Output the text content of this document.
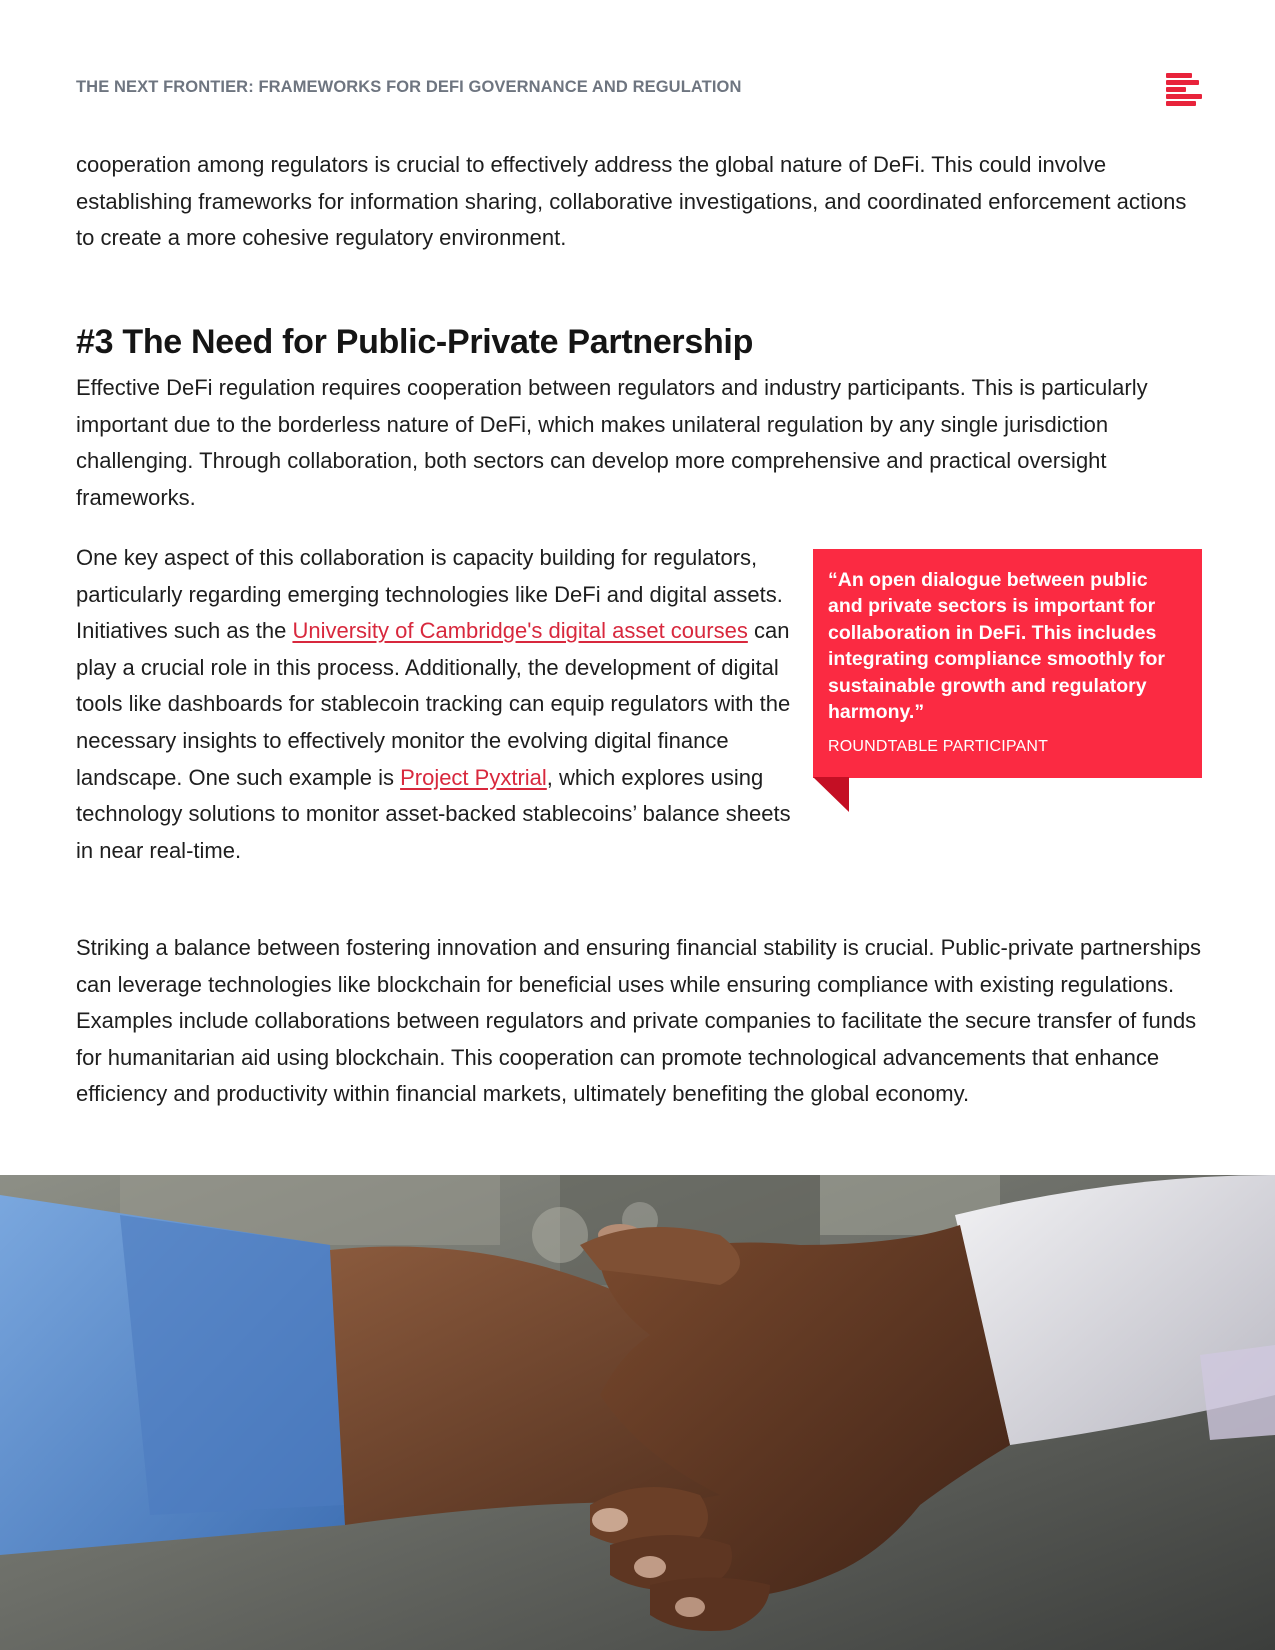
THE NEXT FRONTIER: FRAMEWORKS FOR DEFI GOVERNANCE AND REGULATION

cooperation among regulators is crucial to effectively address the global nature of DeFi. This could involve establishing frameworks for information sharing, collaborative investigations, and coordinated enforcement actions to create a more cohesive regulatory environment.

#3 The Need for Public-Private Partnership

Effective DeFi regulation requires cooperation between regulators and industry participants. This is particularly important due to the borderless nature of DeFi, which makes unilateral regulation by any single jurisdiction challenging. Through collaboration, both sectors can develop more comprehensive and practical oversight frameworks.

One key aspect of this collaboration is capacity building for regulators, particularly regarding emerging technologies like DeFi and digital assets. Initiatives such as the University of Cambridge's digital asset courses can play a crucial role in this process. Additionally, the development of digital tools like dashboards for stablecoin tracking can equip regulators with the necessary insights to effectively monitor the evolving digital finance landscape. One such example is Project Pyxtrial, which explores using technology solutions to monitor asset-backed stablecoins’ balance sheets in near real-time.

“An open dialogue between public and private sectors is important for collaboration in DeFi. This includes integrating compliance smoothly for sustainable growth and regulatory harmony.”
ROUNDTABLE PARTICIPANT

Striking a balance between fostering innovation and ensuring financial stability is crucial. Public-private partnerships can leverage technologies like blockchain for beneficial uses while ensuring compliance with existing regulations. Examples include collaborations between regulators and private companies to facilitate the secure transfer of funds for humanitarian aid using blockchain. This cooperation can promote technological advancements that enhance efficiency and productivity within financial markets, ultimately benefiting the global economy.
